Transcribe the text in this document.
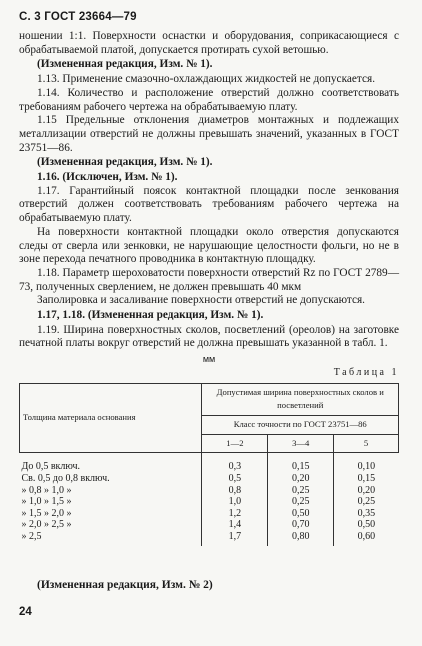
С. 3 ГОСТ 23664—79

ношении 1:1. Поверхности оснастки и оборудования, соприкасающиеся с обрабатываемой платой, допускается протирать сухой ветошью.

(Измененная редакция, Изм. № 1).

1.13. Применение смазочно-охлаждающих жидкостей не допускается.

1.14. Количество и расположение отверстий должно соответствовать требованиям рабочего чертежа на обрабатываемую плату.

1.15 Предельные отклонения диаметров монтажных и подлежащих металлизации отверстий не должны превышать значений, указанных в ГОСТ 23751—86.

(Измененная редакция, Изм. № 1).

1.16. (Исключен, Изм. № 1).

1.17. Гарантийный поясок контактной площадки после зенкования отверстий должен соответствовать требованиям рабочего чертежа на обрабатываемую плату.

На поверхности контактной площадки около отверстия допускаются следы от сверла или зенковки, не нарушающие целостности фольги, но не в зоне перехода печатного проводника в контактную площадку.

1.18. Параметр шероховатости поверхности отверстий Rz по ГОСТ 2789—73, полученных сверлением, не должен превышать 40 мкм

Заполировка и засаливание поверхности отверстий не допускаются.

1.17, 1.18. (Измененная редакция, Изм. № 1).

1.19. Ширина поверхностных сколов, посветлений (ореолов) на заготовке печатной платы вокруг отверстий не должна превышать указанной в табл. 1.

мм
Таблица 1
Толщина материала основания	Допустимая ширина поверхностных сколов и посветлений		
	Класс точности по ГОСТ 23751—86		
	1—2	3—4	5
До 0,5 включ.	0,3	0,15	0,10
Св. 0,5 до 0,8 включ.	0,5	0,20	0,15
» 0,8 » 1,0 »	0,8	0,25	0,20
» 1,0 » 1,5 »	1,0	0,25	0,25
» 1,5 » 2,0 »	1,2	0,50	0,35
» 2,0 » 2,5 »	1,4	0,70	0,50
» 2,5	1,7	0,80	0,60
(Измененная редакция, Изм. № 2)
24
